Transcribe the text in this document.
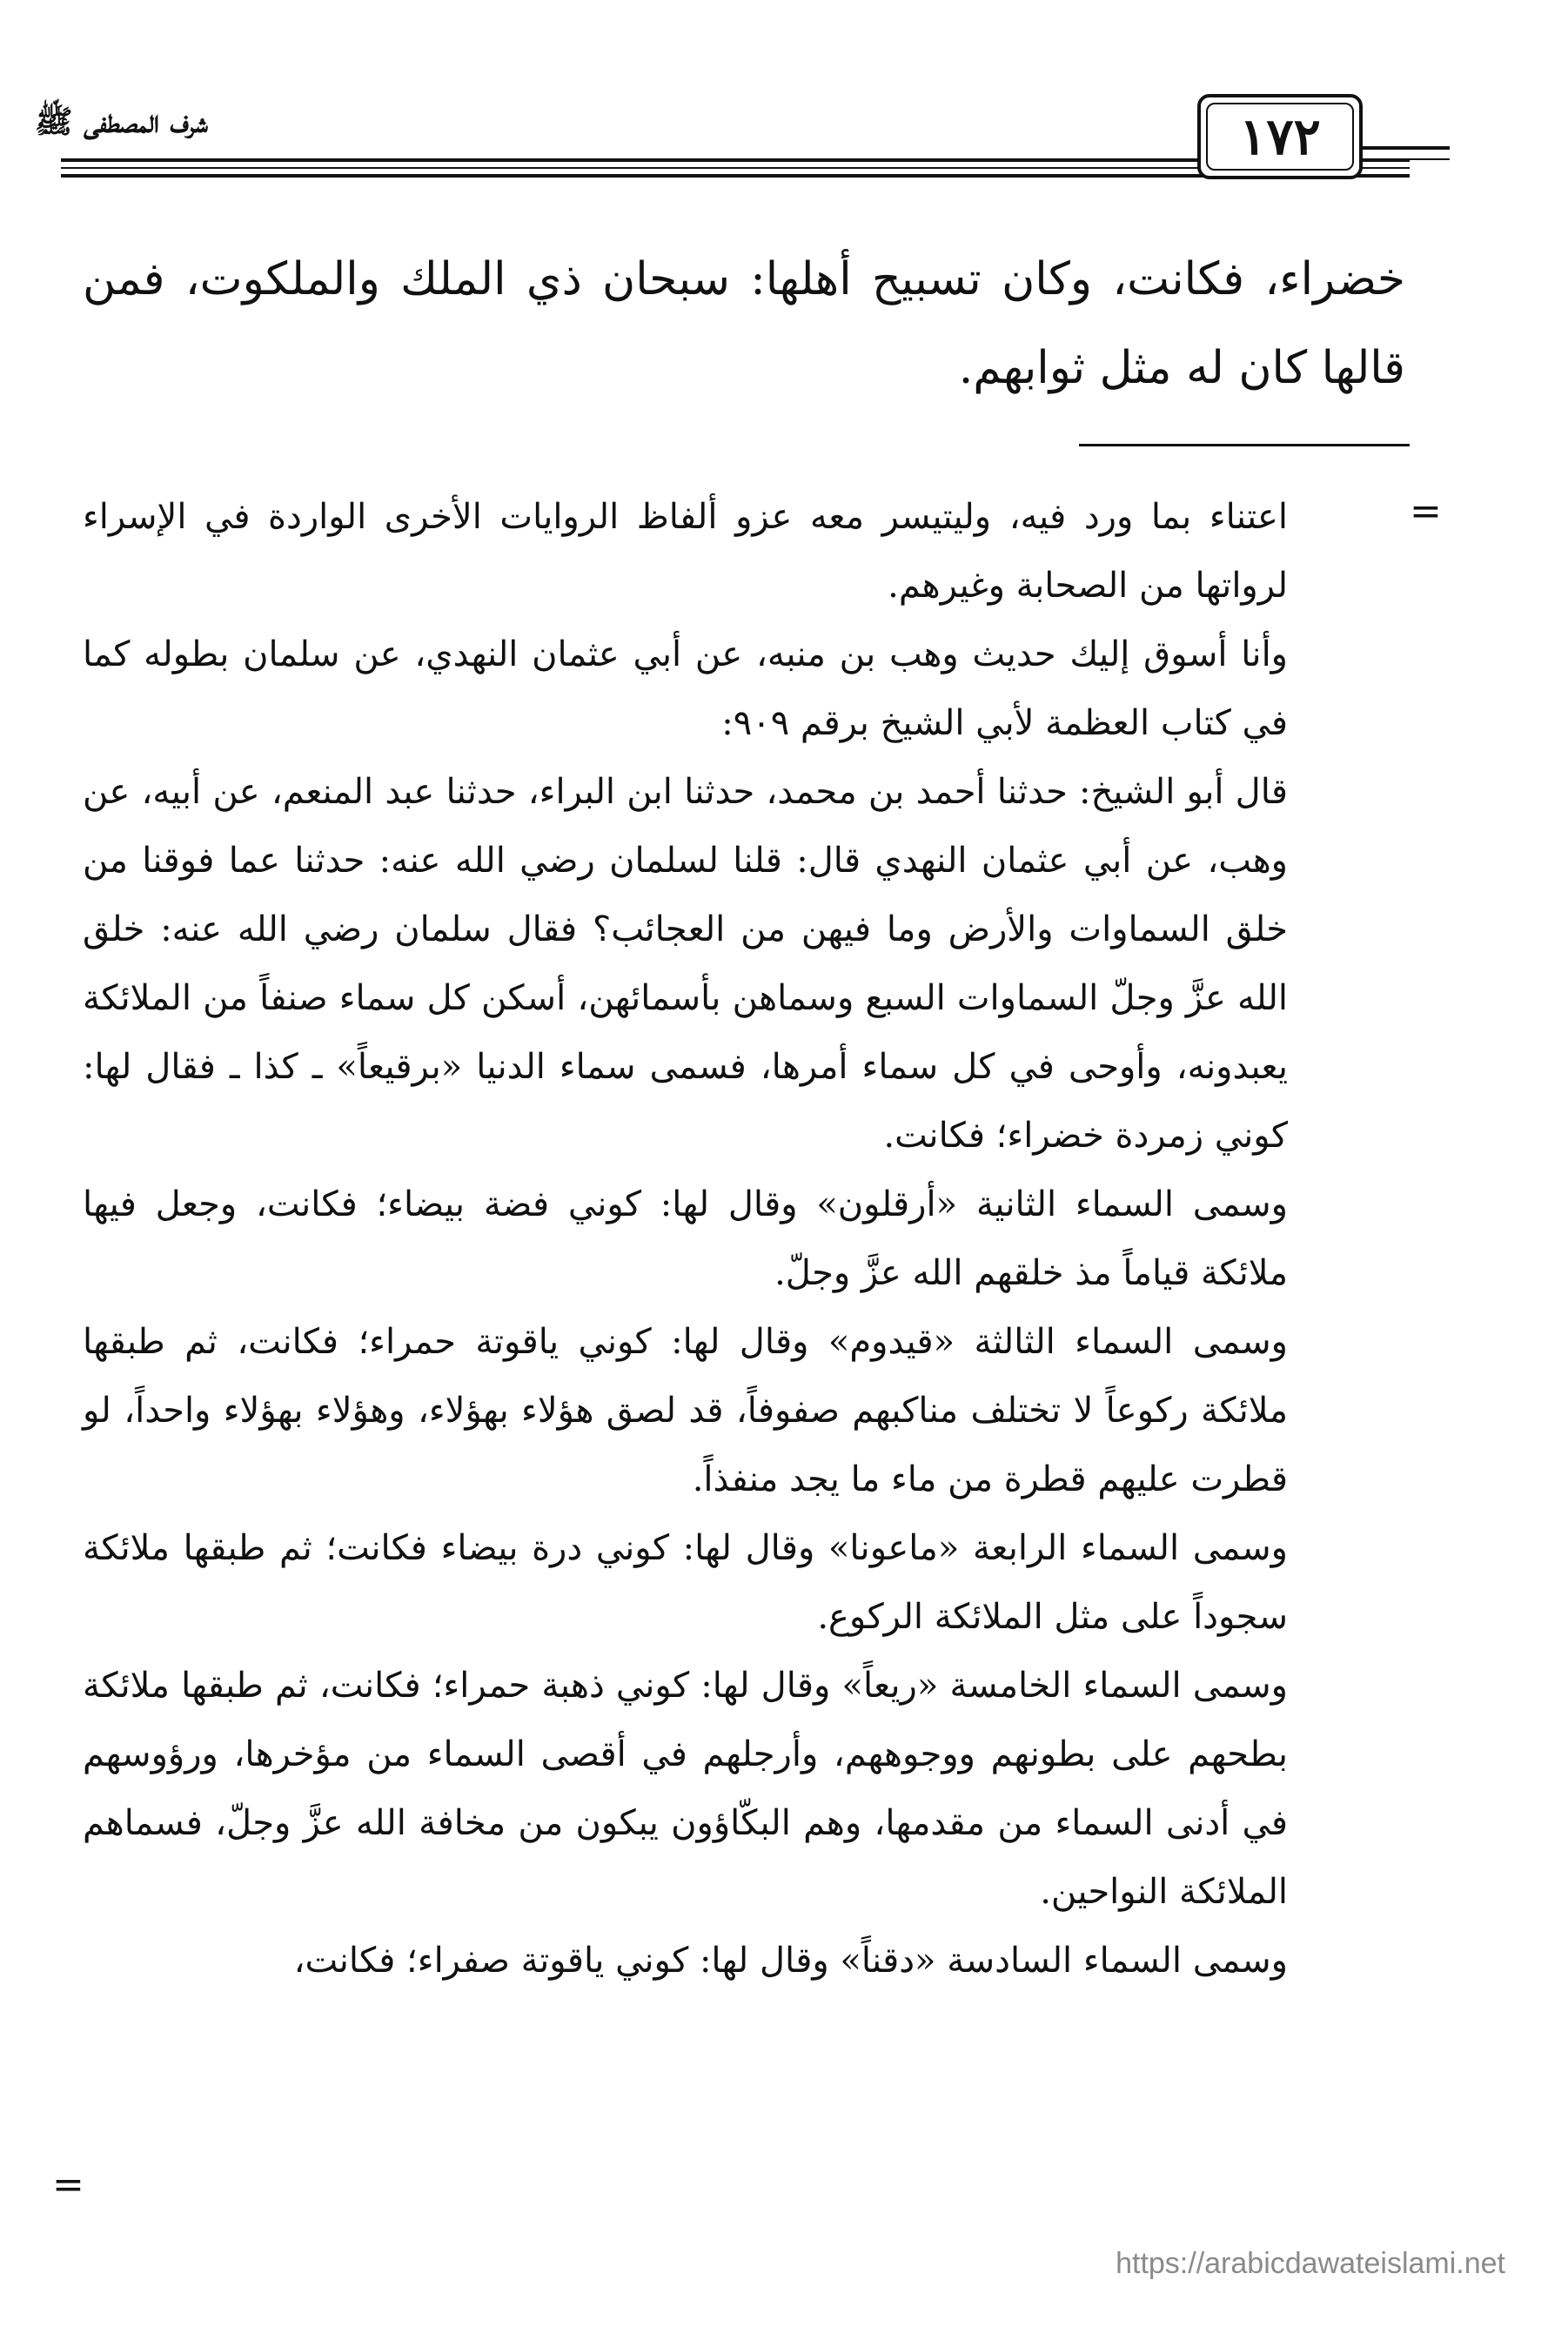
شرف المصطفى ﷺ	١٧٢

خضراء، فكانت، وكان تسبيح أهلها: سبحان ذي الملك والملكوت، فمن قالها كان له مثل ثوابهم.

=

اعتناء بما ورد فيه، وليتيسر معه عزو ألفاظ الروايات الأخرى الواردة في الإسراء لرواتها من الصحابة وغيرهم.

وأنا أسوق إليك حديث وهب بن منبه، عن أبي عثمان النهدي، عن سلمان بطوله كما في كتاب العظمة لأبي الشيخ برقم ٩٠٩:

قال أبو الشيخ: حدثنا أحمد بن محمد، حدثنا ابن البراء، حدثنا عبد المنعم، عن أبيه، عن وهب، عن أبي عثمان النهدي قال: قلنا لسلمان رضي الله عنه: حدثنا عما فوقنا من خلق السماوات والأرض وما فيهن من العجائب؟ فقال سلمان رضي الله عنه: خلق الله عزَّ وجلّ السماوات السبع وسماهن بأسمائهن، أسكن كل سماء صنفاً من الملائكة يعبدونه، وأوحى في كل سماء أمرها، فسمى سماء الدنيا «برقيعاً» ـ كذا ـ فقال لها: كوني زمردة خضراء؛ فكانت.

وسمى السماء الثانية «أرقلون» وقال لها: كوني فضة بيضاء؛ فكانت، وجعل فيها ملائكة قياماً مذ خلقهم الله عزَّ وجلّ.

وسمى السماء الثالثة «قيدوم» وقال لها: كوني ياقوتة حمراء؛ فكانت، ثم طبقها ملائكة ركوعاً لا تختلف مناكبهم صفوفاً، قد لصق هؤلاء بهؤلاء، وهؤلاء بهؤلاء واحداً، لو قطرت عليهم قطرة من ماء ما يجد منفذاً.

وسمى السماء الرابعة «ماعونا» وقال لها: كوني درة بيضاء فكانت؛ ثم طبقها ملائكة سجوداً على مثل الملائكة الركوع.

وسمى السماء الخامسة «ريعاً» وقال لها: كوني ذهبة حمراء؛ فكانت، ثم طبقها ملائكة بطحهم على بطونهم ووجوههم، وأرجلهم في أقصى السماء من مؤخرها، ورؤوسهم في أدنى السماء من مقدمها، وهم البكّاؤون يبكون من مخافة الله عزَّ وجلّ، فسماهم الملائكة النواحين.

وسمى السماء السادسة «دقناً» وقال لها: كوني ياقوتة صفراء؛ فكانت،

=
https://arabicdawateislami.net
